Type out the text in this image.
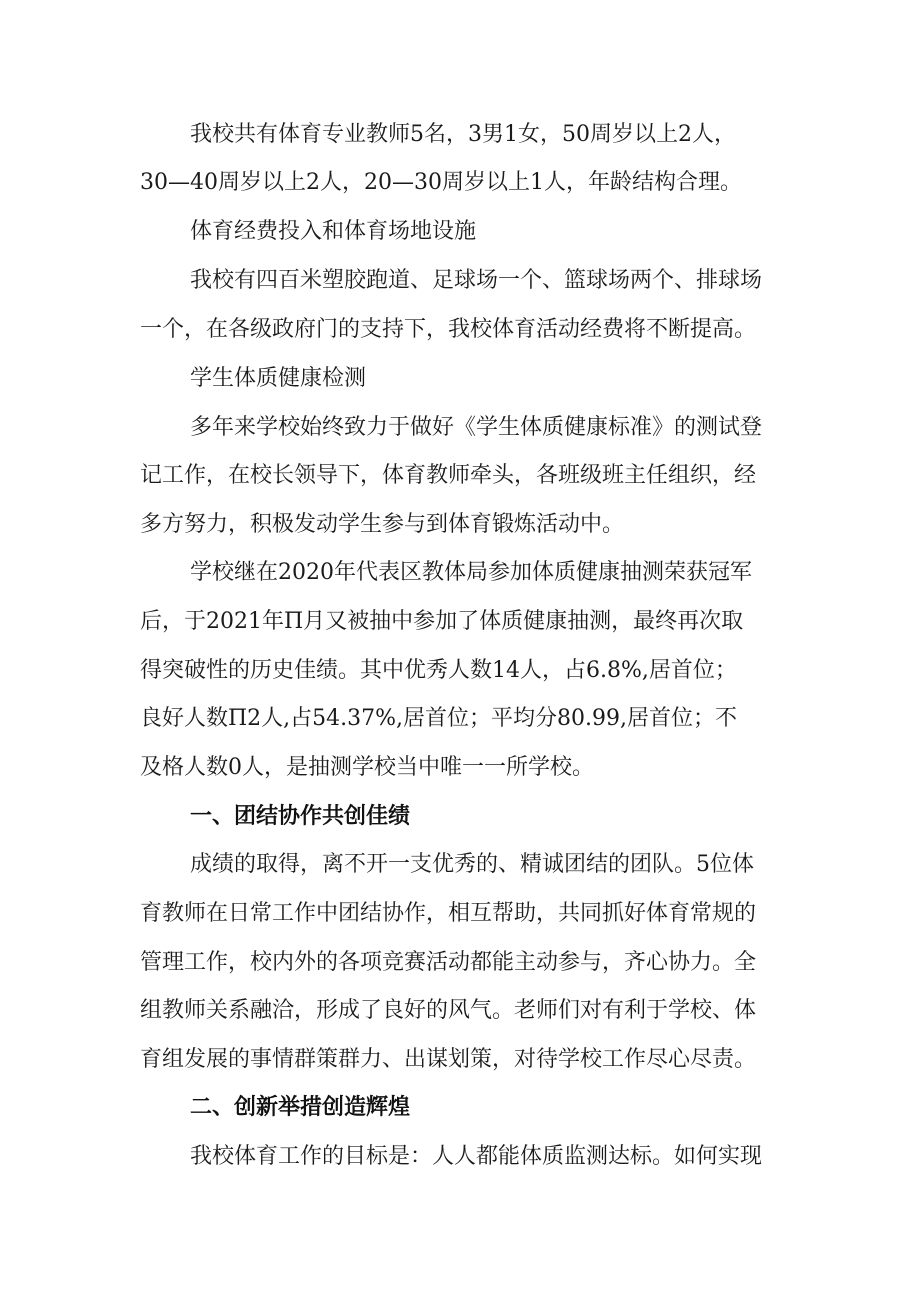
我校共有体育专业教师5名，3男1女，50周岁以上2人，
30—40周岁以上2人，20—30周岁以上1人，年龄结构合理。
体育经费投入和体育场地设施
我校有四百米塑胶跑道、足球场一个、篮球场两个、排球场
一个，在各级政府门的支持下，我校体育活动经费将不断提高。
学生体质健康检测
多年来学校始终致力于做好《学生体质健康标准》的测试登
记工作，在校长领导下，体育教师牵头，各班级班主任组织，经
多方努力，积极发动学生参与到体育锻炼活动中。
学校继在2020年代表区教体局参加体质健康抽测荣获冠军
后，于2021年Π月又被抽中参加了体质健康抽测，最终再次取
得突破性的历史佳绩。其中优秀人数14人，占6.8%,居首位；
良好人数Π2人,占54.37%,居首位；平均分80.99,居首位；不
及格人数0人，是抽测学校当中唯一一所学校。
一、团结协作共创佳绩
成绩的取得，离不开一支优秀的、精诚团结的团队。5位体
育教师在日常工作中团结协作，相互帮助，共同抓好体育常规的
管理工作，校内外的各项竞赛活动都能主动参与，齐心协力。全
组教师关系融洽，形成了良好的风气。老师们对有利于学校、体
育组发展的事情群策群力、出谋划策，对待学校工作尽心尽责。
二、创新举措创造辉煌
我校体育工作的目标是：人人都能体质监测达标。如何实现
